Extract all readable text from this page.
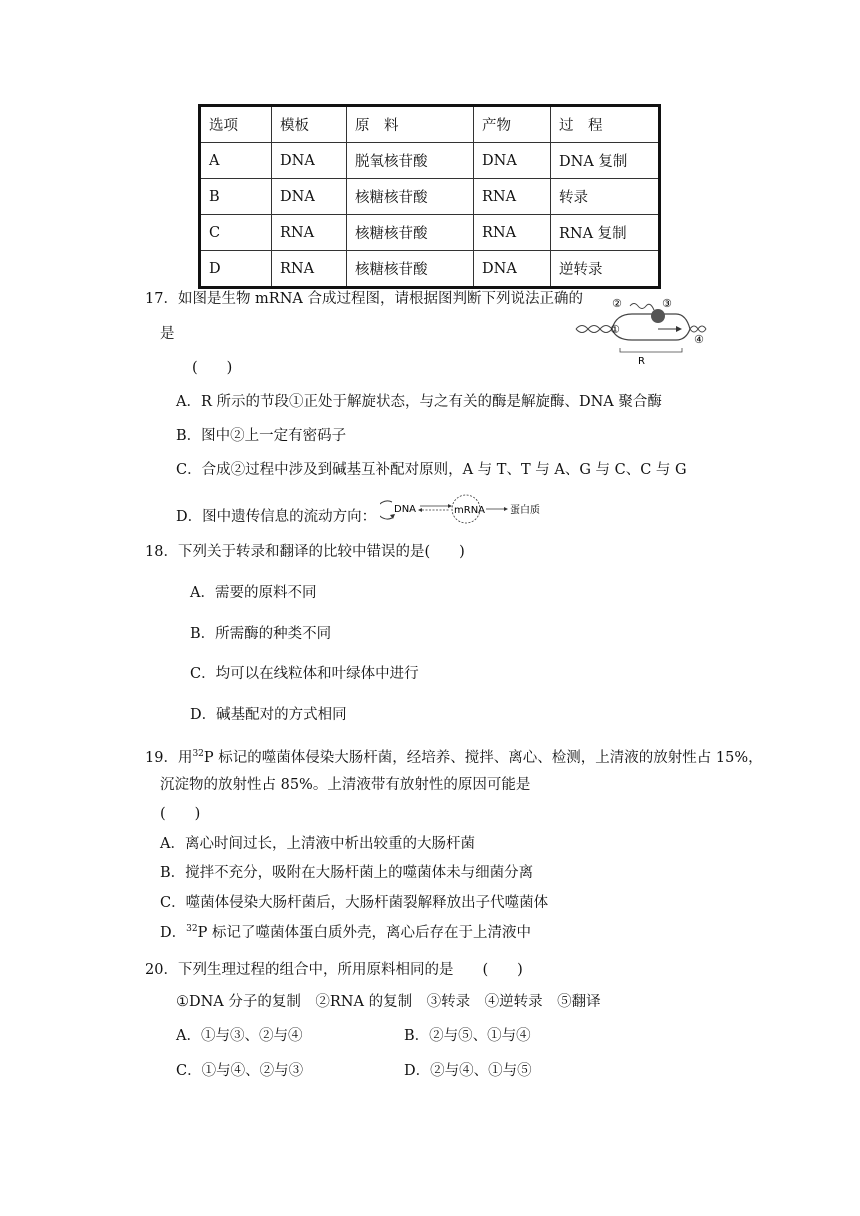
选项	模板	原　料	产物	过　程
A	DNA	脱氧核苷酸	DNA	DNA 复制
B	DNA	核糖核苷酸	RNA	转录
C	RNA	核糖核苷酸	RNA	RNA 复制
D	RNA	核糖核苷酸	DNA	逆转录
17．如图是生物 mRNA 合成过程图，请根据图判断下列说法正确的
是
(　　)
②	③
①
④
R
A．R 所示的节段①正处于解旋状态，与之有关的酶是解旋酶、DNA 聚合酶
B．图中②上一定有密码子
C．合成②过程中涉及到碱基互补配对原则，A 与 T、T 与 A、G 与 C、C 与 G
D．图中遗传信息的流动方向： DNA	mRNA 蛋白质
18．下列关于转录和翻译的比较中错误的是(　　)
A．需要的原料不同
B．所需酶的种类不同
C．均可以在线粒体和叶绿体中进行
D．碱基配对的方式相同
19．用$^{32}$P 标记的噬菌体侵染大肠杆菌，经培养、搅拌、离心、检测，上清液的放射性占 15%，
沉淀物的放射性占 85%。上清液带有放射性的原因可能是
(　　)
A．离心时间过长，上清液中析出较重的大肠杆菌
B．搅拌不充分，吸附在大肠杆菌上的噬菌体未与细菌分离
C．噬菌体侵染大肠杆菌后，大肠杆菌裂解释放出子代噬菌体
D．$^{32}$P 标记了噬菌体蛋白质外壳，离心后存在于上清液中
20．下列生理过程的组合中，所用原料相同的是　　(　　)
①DNA 分子的复制　②RNA 的复制　③转录　④逆转录　⑤翻译
A．①与③、②与④	B．②与⑤、①与④
C．①与④、②与③	D．②与④、①与⑤
